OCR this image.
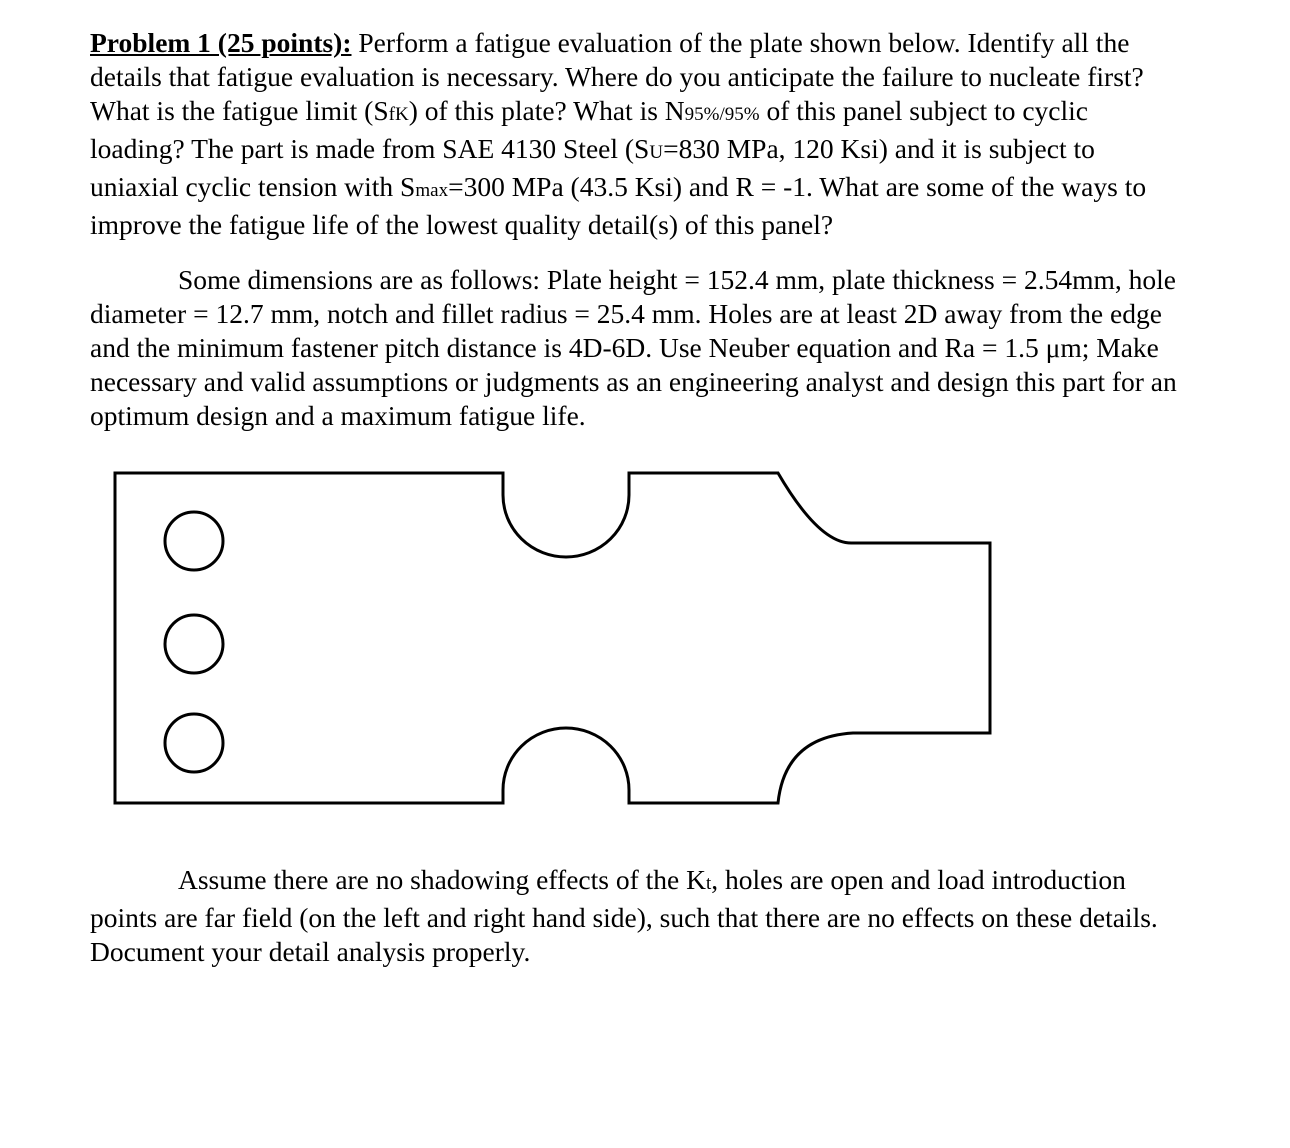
Problem 1 (25 points): Perform a fatigue evaluation of the plate shown below. Identify all the
details that fatigue evaluation is necessary. Where do you anticipate the failure to nucleate first?
What is the fatigue limit (SfK) of this plate? What is N95%/95% of this panel subject to cyclic
loading? The part is made from SAE 4130 Steel (SU=830 MPa, 120 Ksi) and it is subject to
uniaxial cyclic tension with Smax=300 MPa (43.5 Ksi) and R = -1. What are some of the ways to
improve the fatigue life of the lowest quality detail(s) of this panel?
Some dimensions are as follows: Plate height = 152.4 mm, plate thickness = 2.54mm, hole
diameter = 12.7 mm, notch and fillet radius = 25.4 mm. Holes are at least 2D away from the edge
and the minimum fastener pitch distance is 4D-6D. Use Neuber equation and Ra = 1.5 μm; Make
necessary and valid assumptions or judgments as an engineering analyst and design this part for an
optimum design and a maximum fatigue life.
Assume there are no shadowing effects of the Kt, holes are open and load introduction
points are far field (on the left and right hand side), such that there are no effects on these details.
Document your detail analysis properly.
